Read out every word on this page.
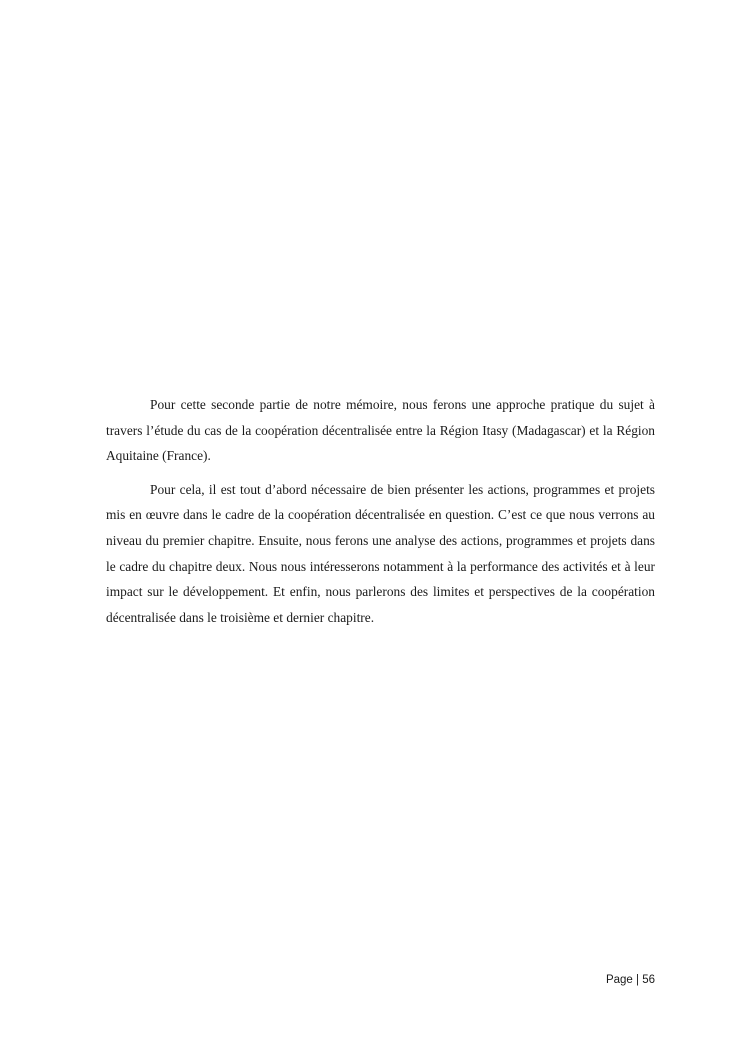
Pour cette seconde partie de notre mémoire, nous ferons une approche pratique du sujet à travers l’étude du cas de la coopération décentralisée entre la Région Itasy (Madagascar) et la Région Aquitaine (France).

Pour cela, il est tout d’abord nécessaire de bien présenter les actions, programmes et projets mis en œuvre dans le cadre de la coopération décentralisée en question. C’est ce que nous verrons au niveau du premier chapitre. Ensuite, nous ferons une analyse des actions, programmes et projets dans le cadre du chapitre deux. Nous nous intéresserons notamment à la performance des activités et à leur impact sur le développement. Et enfin, nous parlerons des limites et perspectives de la coopération décentralisée dans le troisième et dernier chapitre.

Page | 56
